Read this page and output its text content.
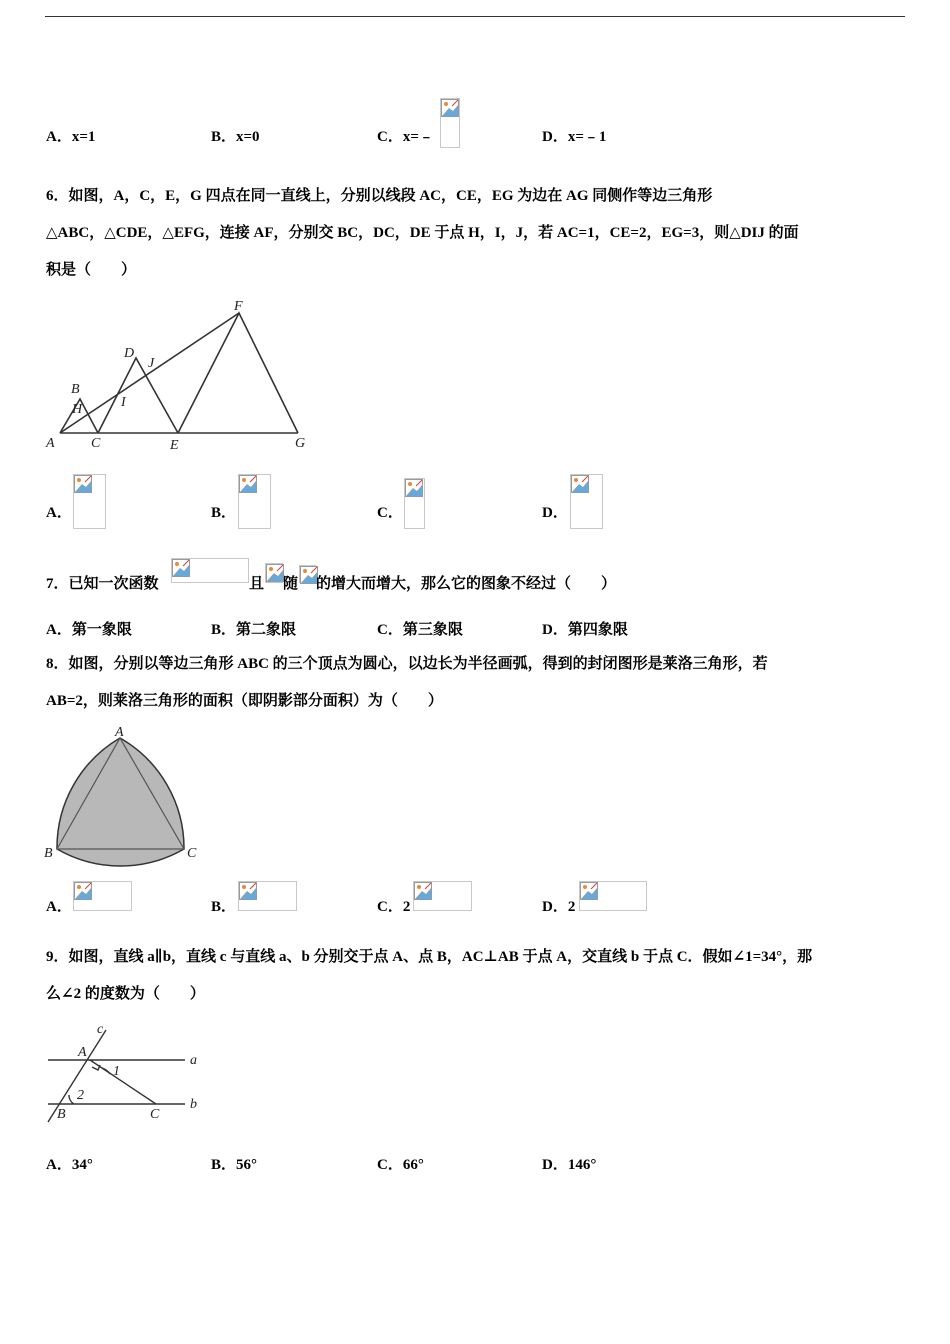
A．x=1	B．x=0	C．x=﹣	D．x=﹣1
6．如图，A，C，E，G 四点在同一直线上，分别以线段 AC，CE，EG 为边在 AG 同侧作等边三角形
△ABC，△CDE，△EFG，连接 AF，分别交 BC，DC，DE 于点 H，I，J，若 AC=1，CE=2，EG=3，则△DIJ 的面
积是（　　）
A	C	E	G
B
H	I
D
J
F
A．	B．	C．	D．
7．已知一次函数	且 随 的增大而增大，那么它的图象不经过（　　）
A．第一象限	B．第二象限	C．第三象限	D．第四象限
8．如图，分别以等边三角形 ABC 的三个顶点为圆心，以边长为半径画弧，得到的封闭图形是莱洛三角形，若
AB=2，则莱洛三角形的面积（即阴影部分面积）为（　　）
A
B	C
A．	B．	C．2	D．2
9．如图，直线 a∥b，直线 c 与直线 a、b 分别交于点 A、点 B，AC⊥AB 于点 A，交直线 b 于点 C．假如∠1=34°，那
么∠2 的度数为（　　）
c
A
a
1
2
B	C
b
A．34°	B．56°	C．66°	D．146°
